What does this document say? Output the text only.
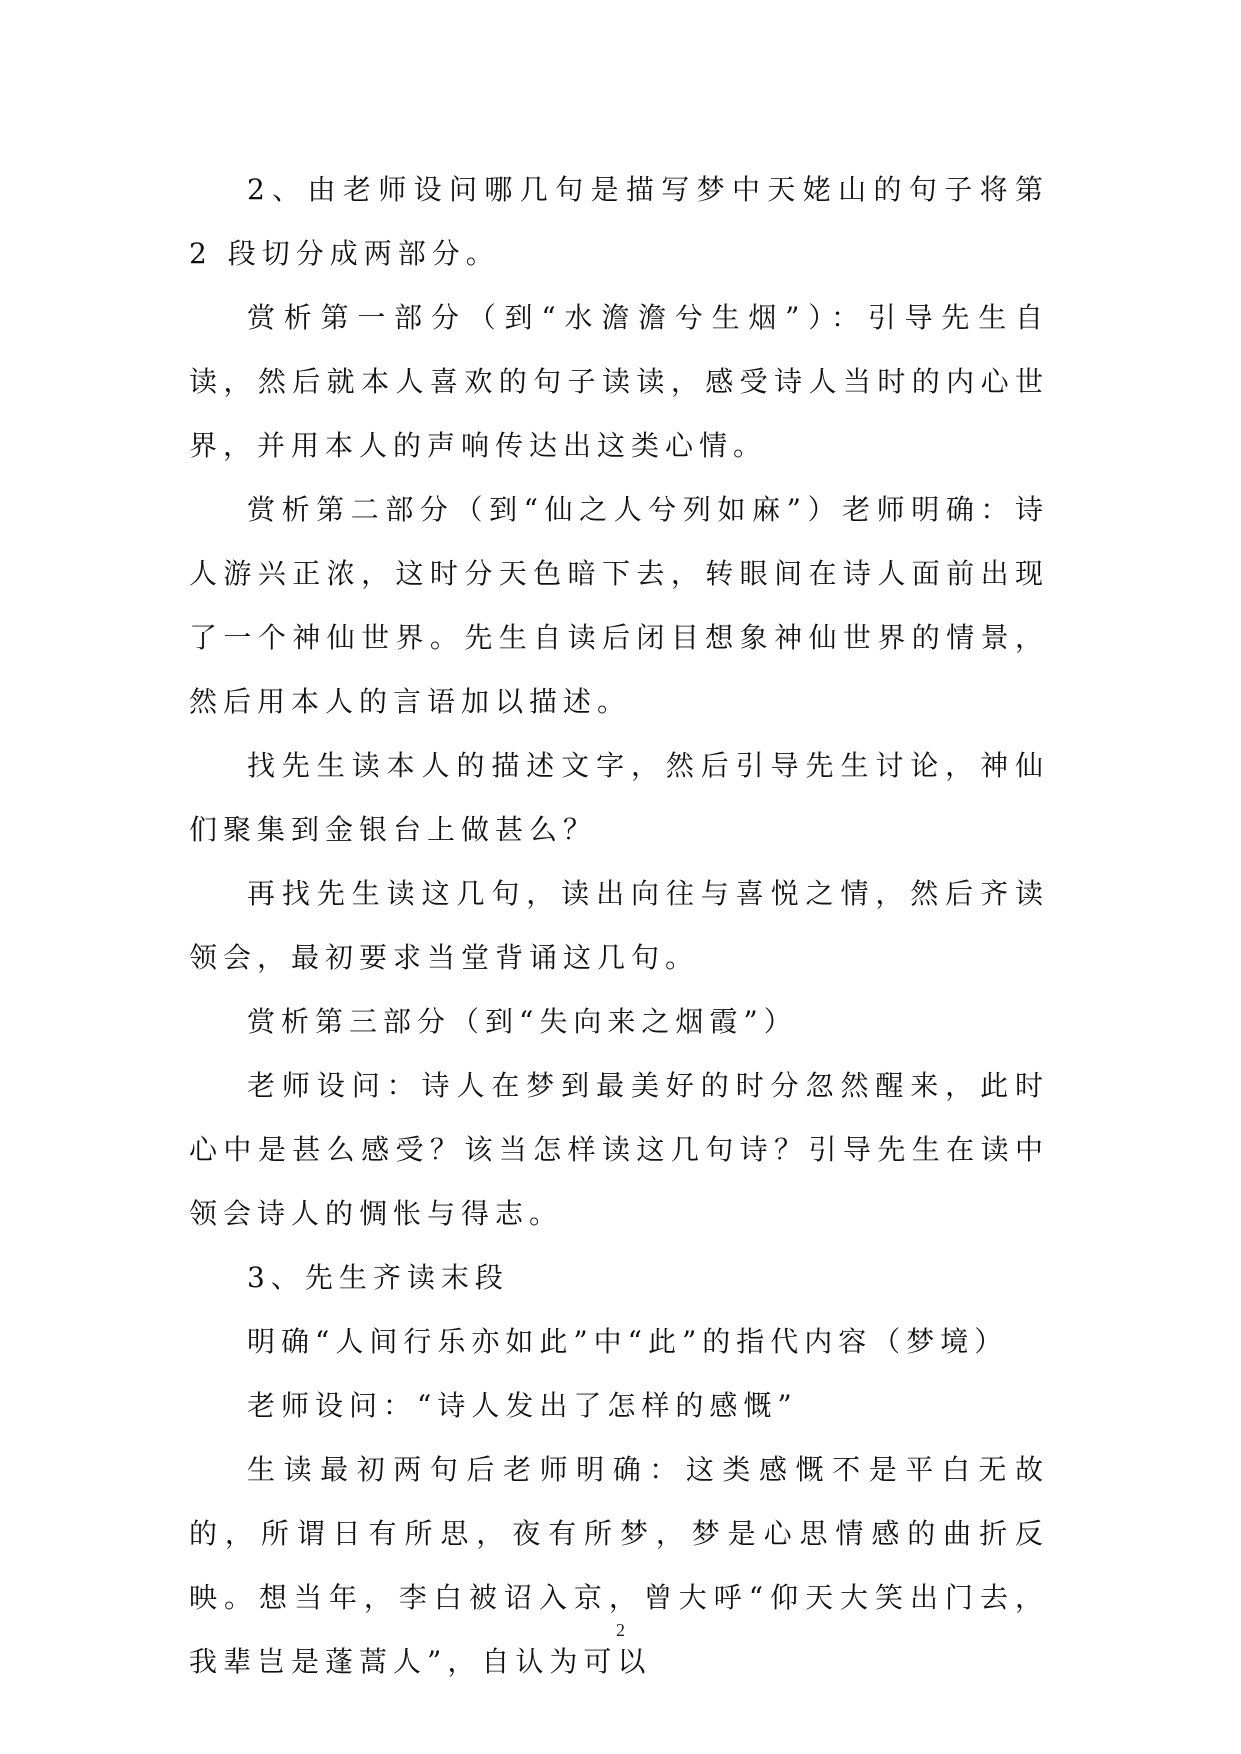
2、由老师设问哪几句是描写梦中天姥山的句子将第 2 段切分成两部分。

赏析第一部分（到“水澹澹兮生烟”）：引导先生自读，然后就本人喜欢的句子读读，感受诗人当时的内心世界，并用本人的声响传达出这类心情。

赏析第二部分（到“仙之人兮列如麻”）老师明确：诗人游兴正浓，这时分天色暗下去，转眼间在诗人面前出现了一个神仙世界。先生自读后闭目想象神仙世界的情景，然后用本人的言语加以描述。

找先生读本人的描述文字，然后引导先生讨论，神仙们聚集到金银台上做甚么？

再找先生读这几句，读出向往与喜悦之情，然后齐读领会，最初要求当堂背诵这几句。

赏析第三部分（到“失向来之烟霞”）

老师设问：诗人在梦到最美好的时分忽然醒来，此时心中是甚么感受？该当怎样读这几句诗？引导先生在读中领会诗人的惆怅与得志。

3、先生齐读末段

明确“人间行乐亦如此”中“此”的指代内容（梦境）

老师设问：“诗人发出了怎样的感慨”

生读最初两句后老师明确：这类感慨不是平白无故的，所谓日有所思，夜有所梦，梦是心思情感的曲折反映。想当年，李白被诏入京，曾大呼“仰天大笑出门去，我辈岂是蓬蒿人”，自认为可以

2
